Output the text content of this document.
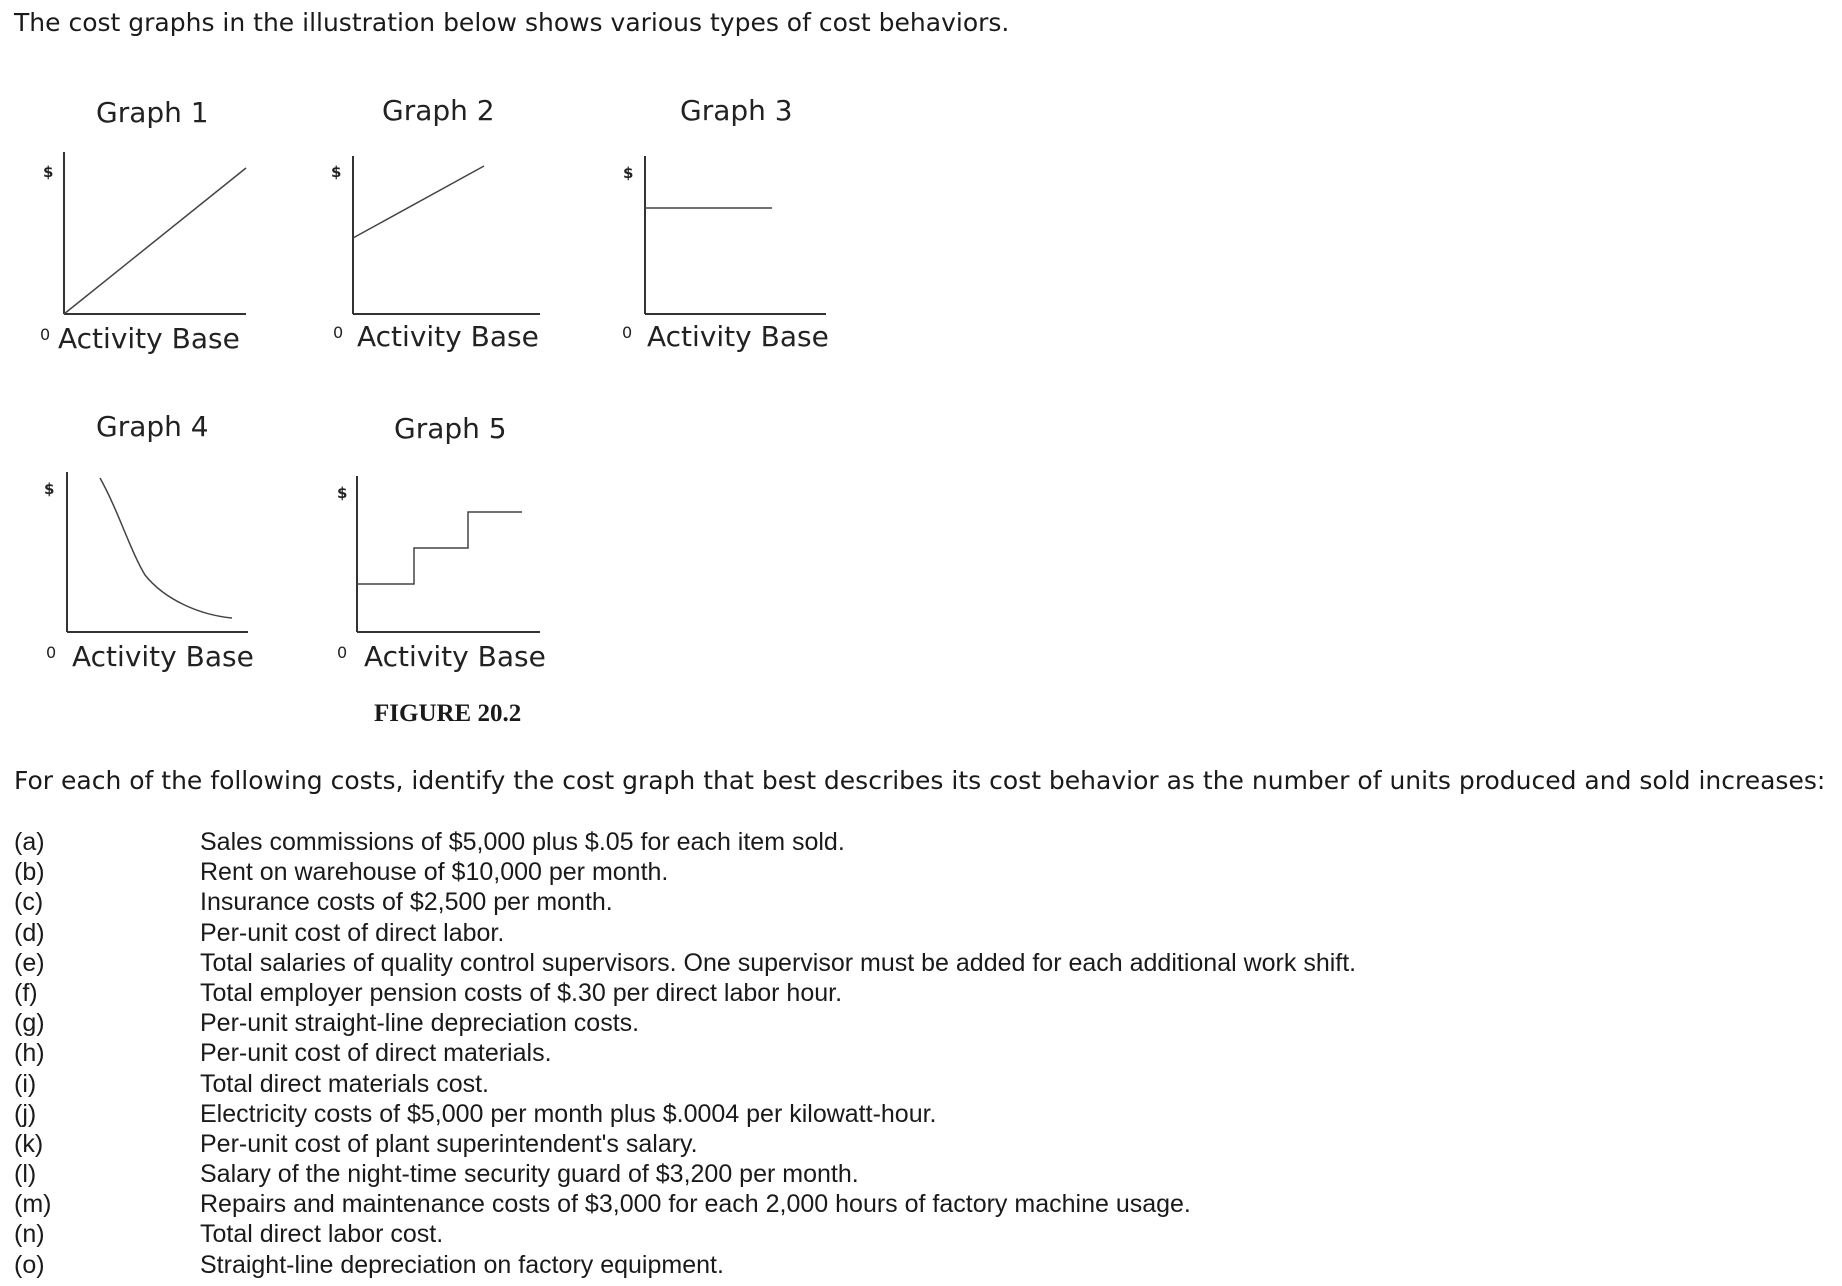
The cost graphs in the illustration below shows various types of cost behaviors.
Graph 1
$
0 Activity Base
Graph 2
$
0 Activity Base
Graph 3
$
0 Activity Base
Graph 4
$
0 Activity Base
Graph 5
$
0 Activity Base
FIGURE 20.2
For each of the following costs, identify the cost graph that best describes its cost behavior as the number of units produced and sold increases:
(a)	Sales commissions of $5,000 plus $.05 for each item sold.
(b)	Rent on warehouse of $10,000 per month.
(c)	Insurance costs of $2,500 per month.
(d)	Per-unit cost of direct labor.
(e)	Total salaries of quality control supervisors. One supervisor must be added for each additional work shift.
(f)	Total employer pension costs of $.30 per direct labor hour.
(g)	Per-unit straight-line depreciation costs.
(h)	Per-unit cost of direct materials.
(i)	Total direct materials cost.
(j)	Electricity costs of $5,000 per month plus $.0004 per kilowatt-hour.
(k)	Per-unit cost of plant superintendent's salary.
(l)	Salary of the night-time security guard of $3,200 per month.
(m)	Repairs and maintenance costs of $3,000 for each 2,000 hours of factory machine usage.
(n)	Total direct labor cost.
(o)	Straight-line depreciation on factory equipment.
